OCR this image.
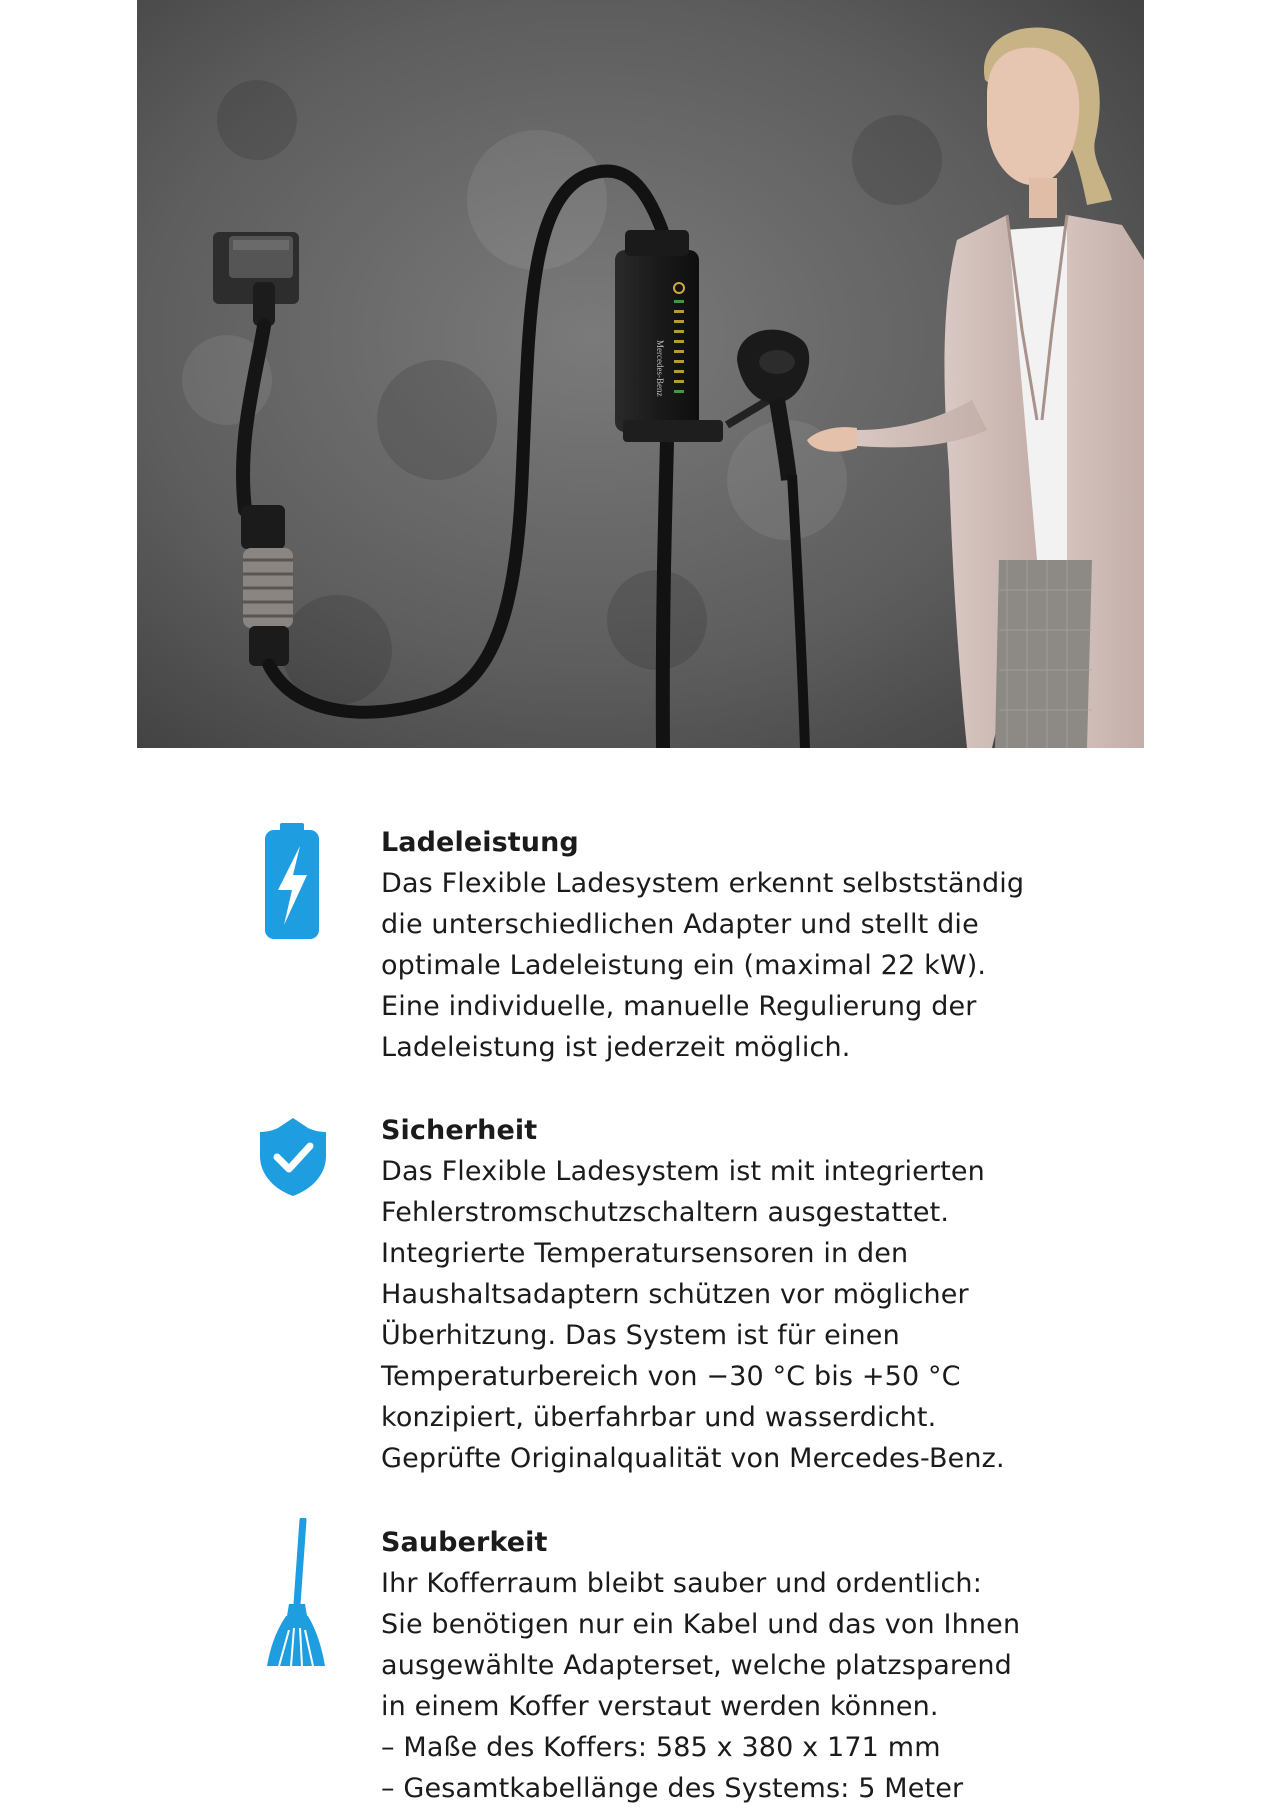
Mercedes-Benz
Ladeleistung

Das Flexible Ladesystem erkennt selbstständig
die unterschiedlichen Adapter und stellt die
optimale Ladeleistung ein (maximal 22 kW).
Eine individuelle, manuelle Regulierung der
Ladeleistung ist jederzeit möglich.

Sicherheit

Das Flexible Ladesystem ist mit integrierten
Fehlerstromschutzschaltern ausgestattet.
Integrierte Temperatursensoren in den
Haushaltsadaptern schützen vor möglicher
Überhitzung. Das System ist für einen
Temperaturbereich von −30 °C bis +50 °C
konzipiert, überfahrbar und wasserdicht.
Geprüfte Originalqualität von Mercedes-Benz.

Sauberkeit

Ihr Kofferraum bleibt sauber und ordentlich:
Sie benötigen nur ein Kabel und das von Ihnen
ausgewählte Adapterset, welche platzsparend
in einem Koffer verstaut werden können.

– Maße des Koffers: 585 x 380 x 171 mm
– Gesamtkabellänge des Systems: 5 Meter
